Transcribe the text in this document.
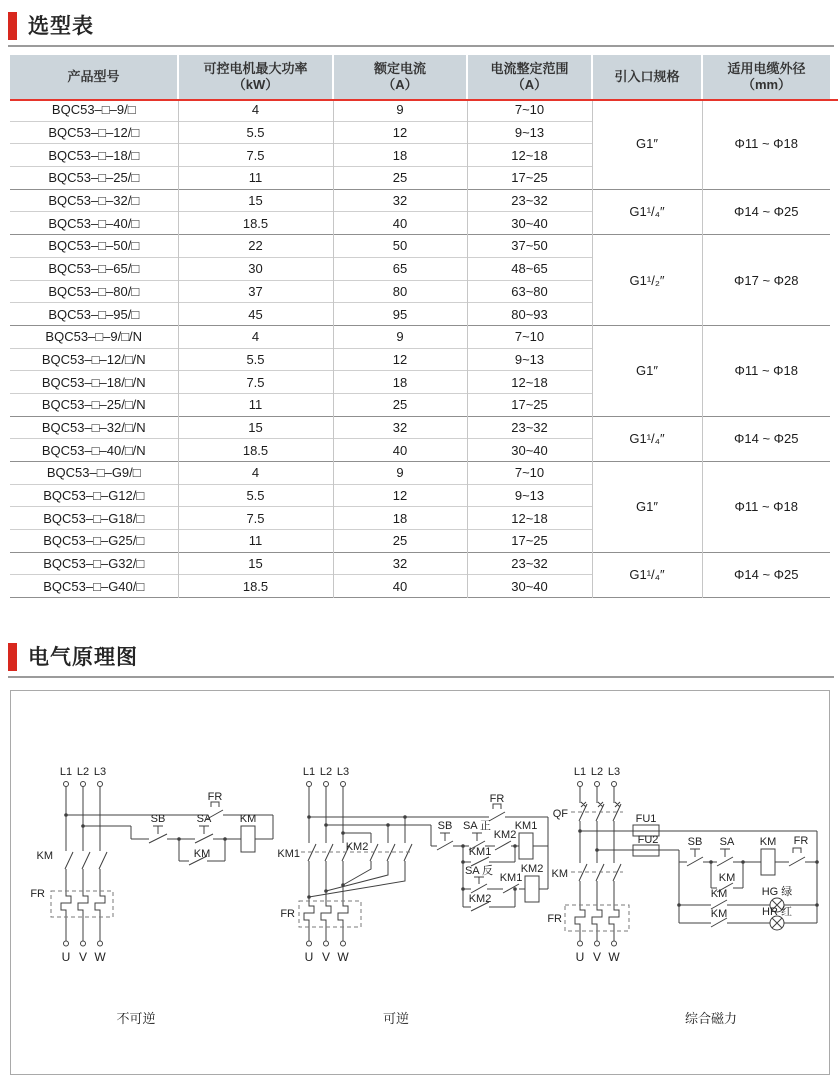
选型表
产品型号

可控电机最大功率
（kW）

额定电流
（A）

电流整定范围
（A）

引入口规格

适用电缆外径
（mm）

BQC53–□–9/□	4	9	7~10	G1″	Φ11 ~ Φ18
BQC53–□–12/□	5.5	12	9~13		
BQC53–□–18/□	7.5	18	12~18		
BQC53–□–25/□	11	25	17~25		
BQC53–□–32/□	15	32	23~32	G1¹/₄″	Φ14 ~ Φ25
BQC53–□–40/□	18.5	40	30~40		
BQC53–□–50/□	22	50	37~50	G1¹/₂″	Φ17 ~ Φ28
BQC53–□–65/□	30	65	48~65		
BQC53–□–80/□	37	80	63~80		
BQC53–□–95/□	45	95	80~93		
BQC53–□–9/□/N	4	9	7~10	G1″	Φ11 ~ Φ18
BQC53–□–12/□/N	5.5	12	9~13		
BQC53–□–18/□/N	7.5	18	12~18		
BQC53–□–25/□/N	11	25	17~25		
BQC53–□–32/□/N	15	32	23~32	G1¹/₄″	Φ14 ~ Φ25
BQC53–□–40/□/N	18.5	40	30~40		
BQC53–□–G9/□	4	9	7~10	G1″	Φ11 ~ Φ18
BQC53–□–G12/□	5.5	12	9~13		
BQC53–□–G18/□	7.5	18	12~18		
BQC53–□–G25/□	11	25	17~25		
BQC53–□–G32/□	15	32	23~32	G1¹/₄″	Φ14 ~ Φ25
BQC53–□–G40/□	18.5	40	30~40		
电气原理图
L1 L2 L3
KM
FR
U V W
FR
SB	SA	KM
KM
不可逆
L1 L2 L3
KM1
KM2
FR
U V W
FR
SB SA 正
KM2
KM1
KM1
SA 反
KM1
KM2
KM2
可逆
L1 L2 L3
QF
KM
FR
U V W
FU1
FU2	SB SA KM FR
KM
KM	HG 绿
KM	HR 红
综合磁力
